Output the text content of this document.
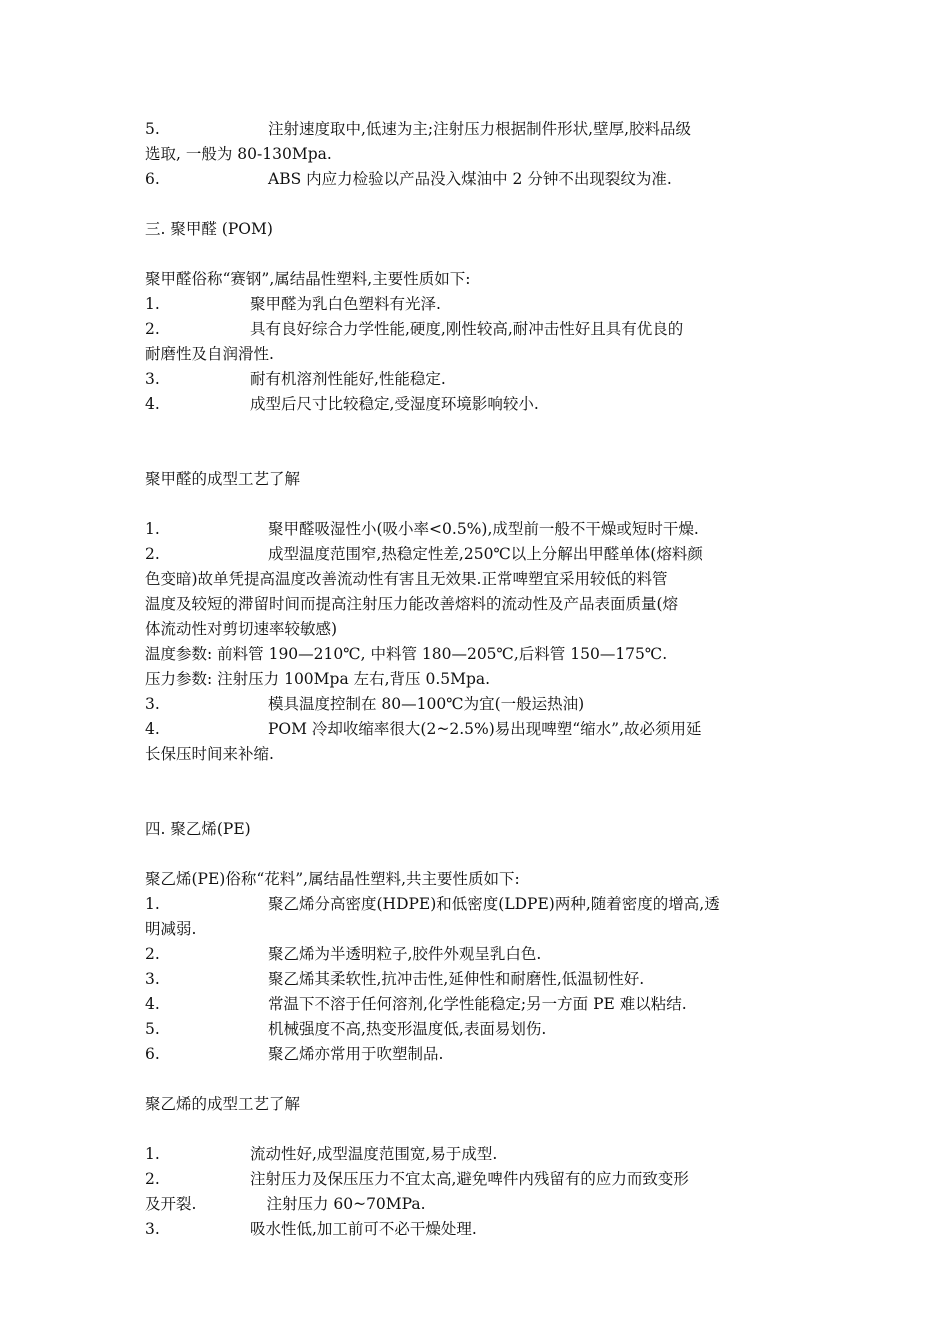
5.	注射速度取中,低速为主;注射压力根据制件形状,壁厚,胶料品级

选取, 一般为 80-130Mpa.

6.	ABS 内应力检验以产品没入煤油中 2 分钟不出现裂纹为准.

三. 聚甲醛 (POM)

聚甲醛俗称“赛钢”,属结晶性塑料,主要性质如下:

1.	聚甲醛为乳白色塑料有光泽.
2.	具有良好综合力学性能,硬度,刚性较高,耐冲击性好且具有优良的

耐磨性及自润滑性.

3.	耐有机溶剂性能好,性能稳定.
4.	成型后尺寸比较稳定,受湿度环境影响较小.

聚甲醛的成型工艺了解

1.	聚甲醛吸湿性小(吸小率<0.5%),成型前一般不干燥或短时干燥.
2.	成型温度范围窄,热稳定性差,250℃以上分解出甲醛单体(熔料颜

色变暗)故单凭提高温度改善流动性有害且无效果.正常啤塑宜采用较低的料管

温度及较短的滞留时间而提高注射压力能改善熔料的流动性及产品表面质量(熔

体流动性对剪切速率较敏感)

温度参数: 前料管 190—210℃, 中料管 180—205℃,后料管 150—175℃.

压力参数: 注射压力 100Mpa 左右,背压 0.5Mpa.

3.	模具温度控制在 80—100℃为宜(一般运热油)
4.	POM 冷却收缩率很大(2~2.5%)易出现啤塑“缩水”,故必须用延

长保压时间来补缩.

四. 聚乙烯(PE)

聚乙烯(PE)俗称“花料”,属结晶性塑料,共主要性质如下:

1.	聚乙烯分高密度(HDPE)和低密度(LDPE)两种,随着密度的增高,透

明减弱.

2.	聚乙烯为半透明粒子,胶件外观呈乳白色.
3.	聚乙烯其柔软性,抗冲击性,延伸性和耐磨性,低温韧性好.
4.	常温下不溶于任何溶剂,化学性能稳定;另一方面 PE 难以粘结.
5.	机械强度不高,热变形温度低,表面易划伤.
6.	聚乙烯亦常用于吹塑制品.

聚乙烯的成型工艺了解

1.	流动性好,成型温度范围宽,易于成型.
2.	注射压力及保压压力不宜太高,避免啤件内残留有的应力而致变形

及开裂.	注射压力 60~70MPa.

3.	吸水性低,加工前可不必干燥处理.
